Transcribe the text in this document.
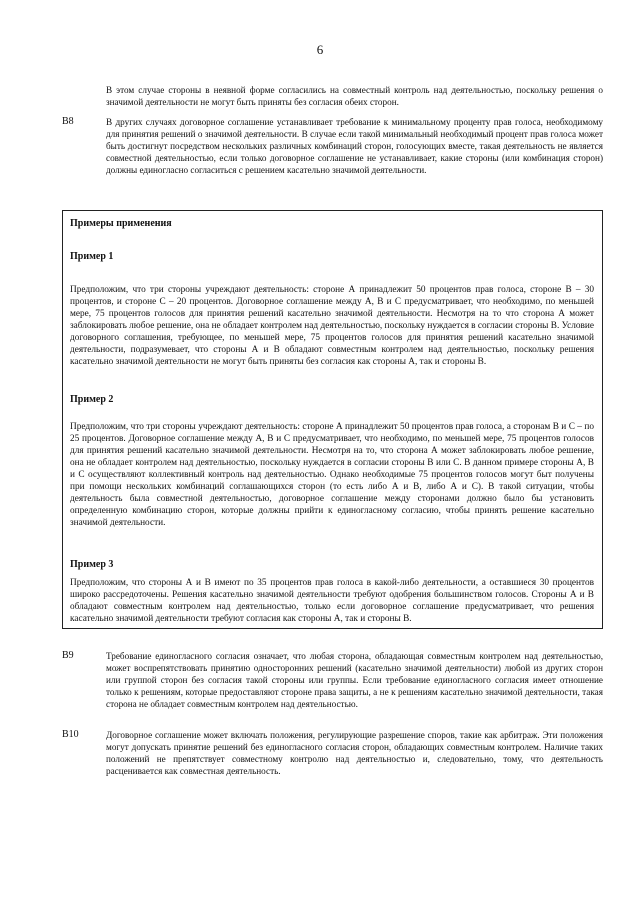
6

В этом случае стороны в неявной форме согласились на совместный контроль над деятельностью, поскольку решения о значимой деятельности не могут быть приняты без согласия обеих сторон.

B8	В других случаях договорное соглашение устанавливает требование к минимальному проценту прав голоса, необходимому для принятия решений о значимой деятельности. В случае если такой минимальный необходимый процент прав голоса может быть достигнут посредством нескольких различных комбинаций сторон, голосующих вместе, такая деятельность не является совместной деятельностью, если только договорное соглашение не устанавливает, какие стороны (или комбинация сторон) должны единогласно согласиться с решением касательно значимой деятельности.

Примеры применения
Пример 1

Предположим, что три стороны учреждают деятельность: стороне А принадлежит 50 процентов прав голоса, стороне В – 30 процентов, и стороне С – 20 процентов. Договорное соглашение между А, В и С предусматривает, что необходимо, по меньшей мере, 75 процентов голосов для принятия решений касательно значимой деятельности. Несмотря на то что сторона А может заблокировать любое решение, она не обладает контролем над деятельностью, поскольку нуждается в согласии стороны В. Условие договорного соглашения, требующее, по меньшей мере, 75 процентов голосов для принятия решений касательно значимой деятельности, подразумевает, что стороны А и В обладают совместным контролем над деятельностью, поскольку решения касательно значимой деятельности не могут быть приняты без согласия как стороны А, так и стороны В.

Пример 2

Предположим, что три стороны учреждают деятельность: стороне А принадлежит 50 процентов прав голоса, а сторонам В и С – по 25 процентов. Договорное соглашение между А, В и С предусматривает, что необходимо, по меньшей мере, 75 процентов голосов для принятия решений касательно значимой деятельности. Несмотря на то, что сторона А может заблокировать любое решение, она не обладает контролем над деятельностью, поскольку нуждается в согласии стороны В или С. В данном примере стороны А, В и С осуществляют коллективный контроль над деятельностью. Однако необходимые 75 процентов голосов могут быт получены при помощи нескольких комбинаций соглашающихся сторон (то есть либо А и В, либо А и С). В такой ситуации, чтобы деятельность была совместной деятельностью, договорное соглашение между сторонами должно было бы установить определенную комбинацию сторон, которые должны прийти к единогласному согласию, чтобы принять решение касательно значимой деятельности.

Пример 3

Предположим, что стороны А и В имеют по 35 процентов прав голоса в какой-либо деятельности, а оставшиеся 30 процентов широко рассредоточены. Решения касательно значимой деятельности требуют одобрения большинством голосов. Стороны А и В обладают совместным контролем над деятельностью, только если договорное соглашение предусматривает, что решения касательно значимой деятельности требуют согласия как стороны А, так и стороны В.

B9	Требование единогласного согласия означает, что любая сторона, обладающая совместным контролем над деятельностью, может воспрепятствовать принятию односторонних решений (касательно значимой деятельности) любой из других сторон или группой сторон без согласия такой стороны или группы. Если требование единогласного согласия имеет отношение только к решениям, которые предоставляют стороне права защиты, а не к решениям касательно значимой деятельности, такая сторона не обладает совместным контролем над деятельностью.

B10	Договорное соглашение может включать положения, регулирующие разрешение споров, такие как арбитраж. Эти положения могут допускать принятие решений без единогласного согласия сторон, обладающих совместным контролем. Наличие таких положений не препятствует совместному контролю над деятельностью и, следовательно, тому, что деятельность расценивается как совместная деятельность.
